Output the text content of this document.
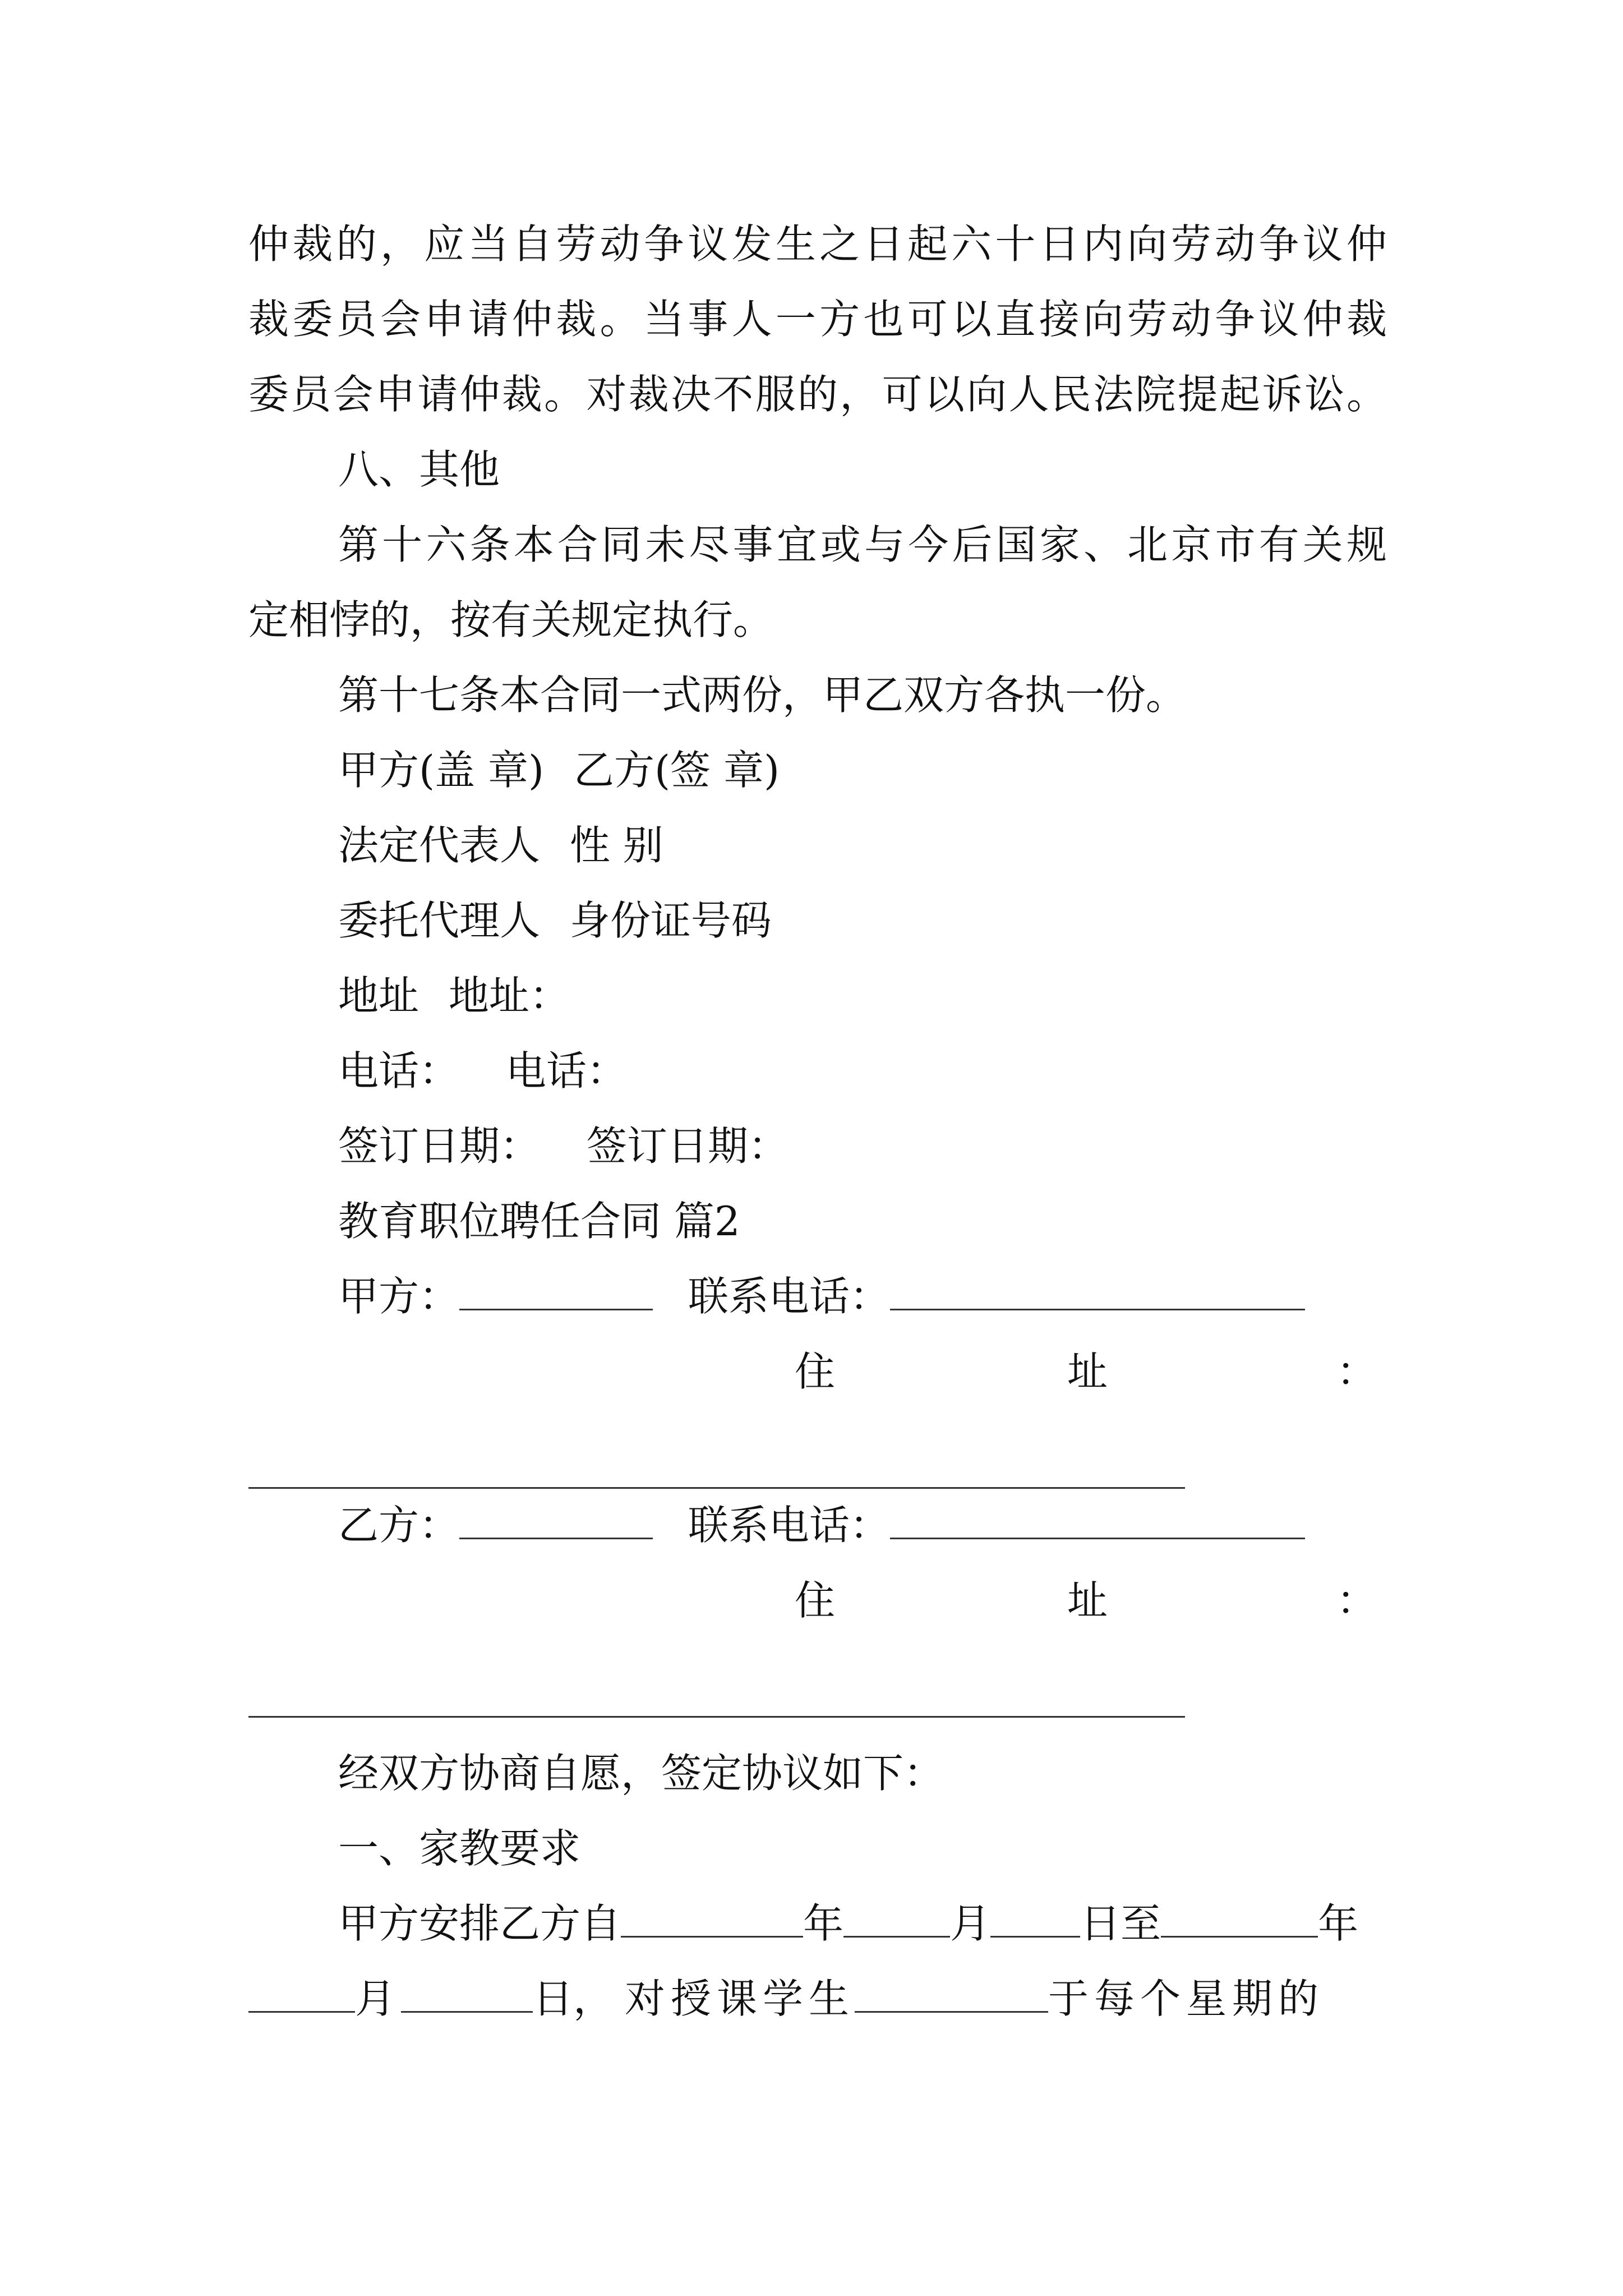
仲裁的，应当自劳动争议发生之日起六十日内向劳动争议仲
裁委员会申请仲裁。当事人一方也可以直接向劳动争议仲裁
委员会申请仲裁。对裁决不服的，可以向人民法院提起诉讼。
八、其他
第十六条本合同未尽事宜或与今后国家、北京市有关规
定相悖的，按有关规定执行。
第十七条本合同一式两份，甲乙双方各执一份。
甲方(盖 章) 乙方(签 章)
法定代表人 性 别
委托代理人 身份证号码
地址 地址：
电话： 电话：
签订日期： 签订日期：
教育职位聘任合同 篇2
甲方：	联系电话：
住	址	：
乙方：	联系电话：
住	址	：
经双方协商自愿，签定协议如下：
一、家教要求
甲方安排乙方自	年	月 日至	年
月	日， 对授课学生	于每个星期的
